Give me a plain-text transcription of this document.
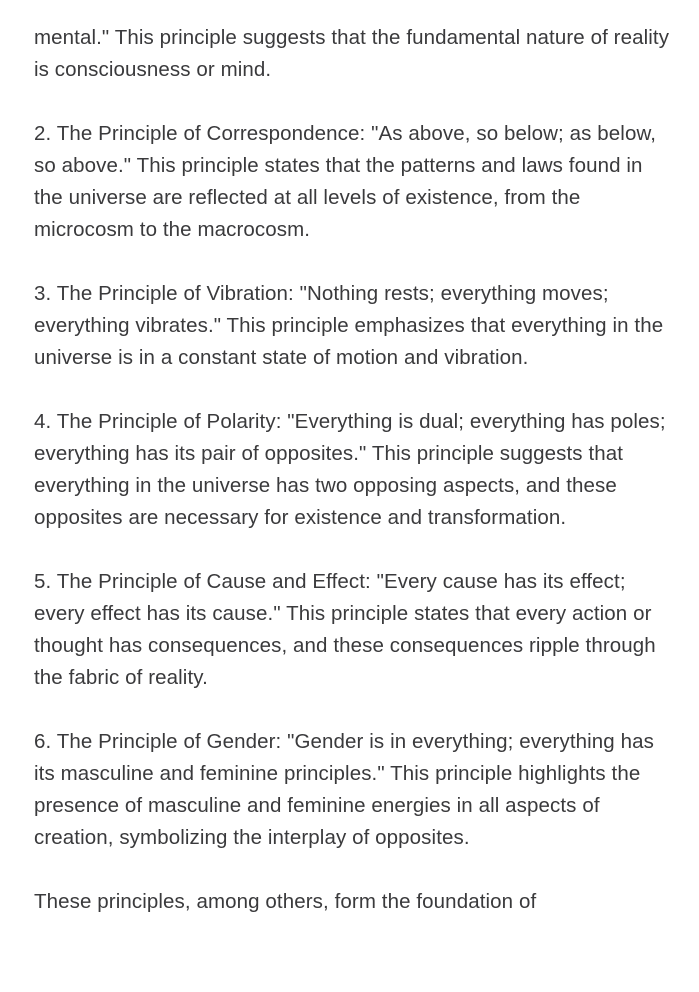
mental." This principle suggests that the fundamental nature of reality is consciousness or mind.

2. The Principle of Correspondence: "As above, so below; as below, so above." This principle states that the patterns and laws found in the universe are reflected at all levels of existence, from the microcosm to the macrocosm.

3. The Principle of Vibration: "Nothing rests; everything moves; everything vibrates." This principle emphasizes that everything in the universe is in a constant state of motion and vibration.

4. The Principle of Polarity: "Everything is dual; everything has poles; everything has its pair of opposites." This principle suggests that everything in the universe has two opposing aspects, and these opposites are necessary for existence and transformation.

5. The Principle of Cause and Effect: "Every cause has its effect; every effect has its cause." This principle states that every action or thought has consequences, and these consequences ripple through the fabric of reality.

6. The Principle of Gender: "Gender is in everything; everything has its masculine and feminine principles." This principle highlights the presence of masculine and feminine energies in all aspects of creation, symbolizing the interplay of opposites.

These principles, among others, form the foundation of
